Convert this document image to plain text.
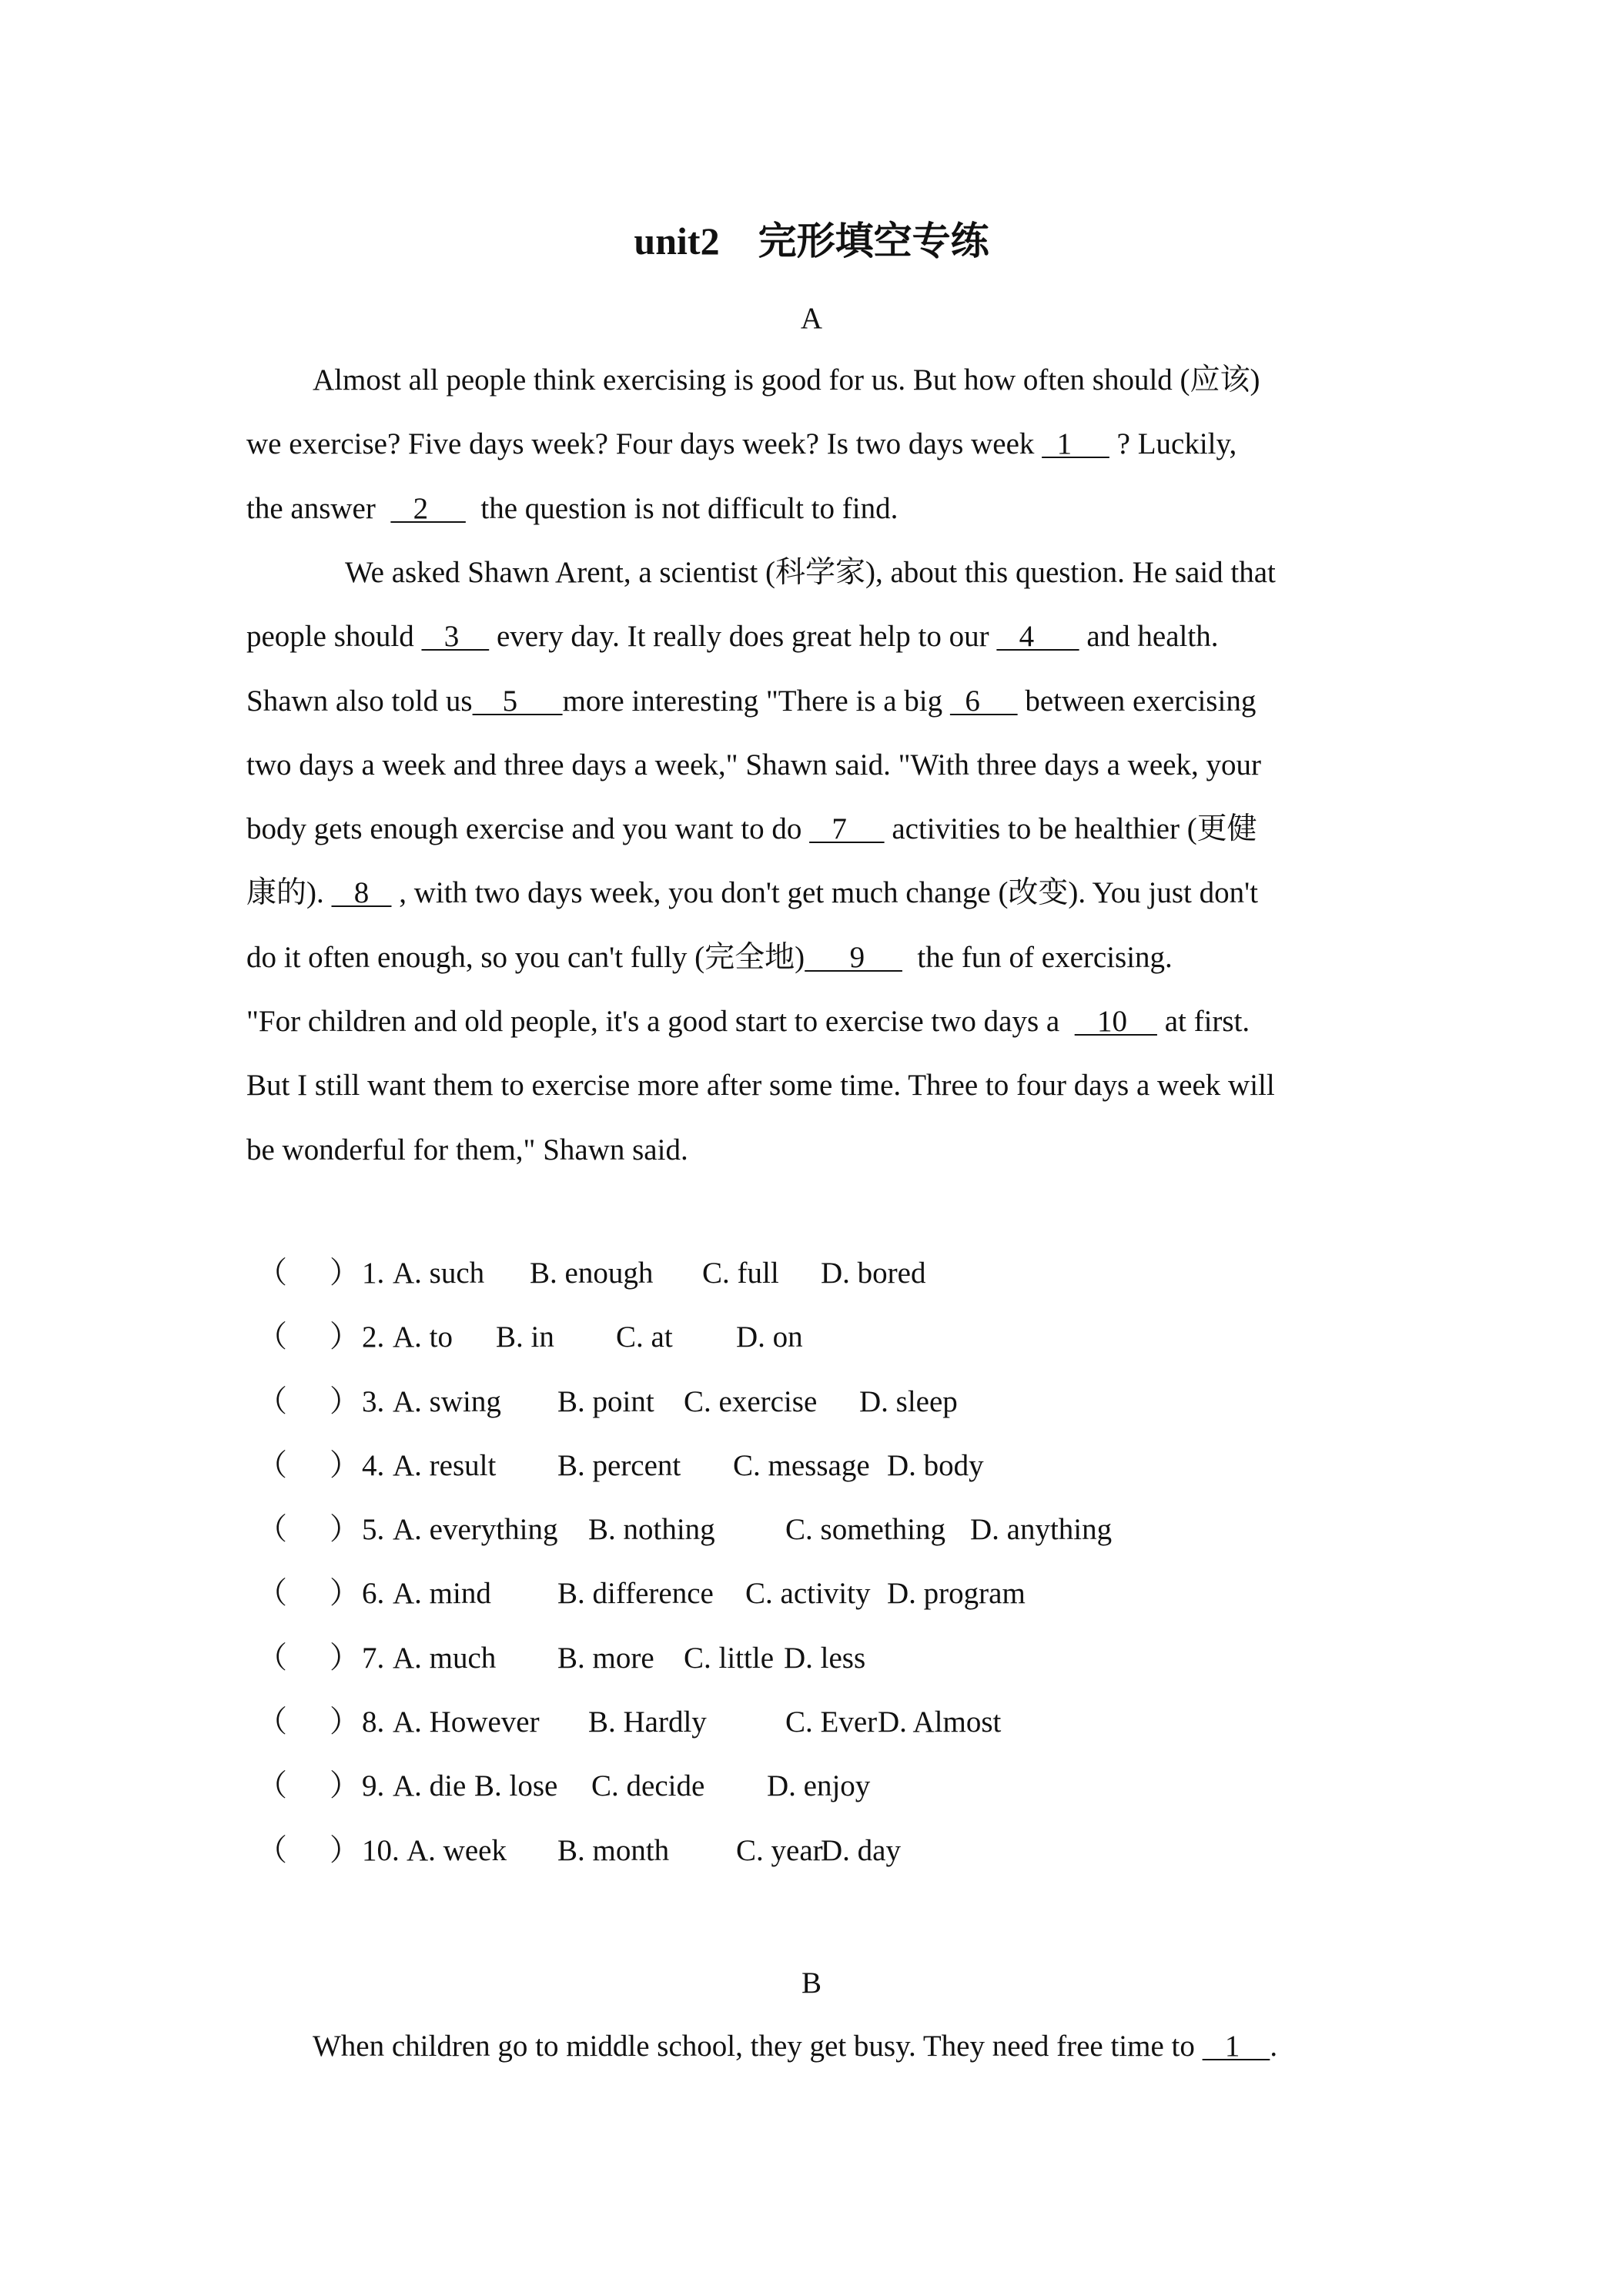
unit2 完形填空专练
A
Almost all people think exercising is good for us. But how often should (应该)
we exercise? Five days week? Four days week? Is two days week   1      ? Luckily,
the answer     2       the question is not difficult to find.
We asked Shawn Arent, a scientist (科学家), about this question. He said that
people should    3     every day. It really does great help to our    4       and health.
Shawn also told us    5      more interesting "There is a big   6      between exercising
two days a week and three days a week," Shawn said. "With three days a week, your
body gets enough exercise and you want to do    7      activities to be healthier (更健
康的).    8    , with two days week, you don't get much change (改变). You just don't
do it often enough, so you can't fully (完全地)      9       the fun of exercising.
"For children and old people, it's a good start to exercise two days a     10     at first.
But I still want them to exercise more after some time. Three to four days a week will
be wonderful for them," Shawn said.
（ ） 1. A. such B. enough C. full D. bored
（ ） 2. A. to B. in C. at D. on
（ ） 3. A. swing B. point C. exercise D. sleep
（ ） 4. A. result B. percent C. message D. body
（ ） 5. A. everything B. nothing C. something D. anything
（ ） 6. A. mind B. difference C. activity D. program
（ ） 7. A. much B. more C. little D. less
（ ） 8. A. However B. Hardly	C. Ever D. Almost
（ ） 9. A. die B. lose C. decide D. enjoy
（ ） 10. A. week B. month C. year
D. day
B
When children go to middle school, they get busy. They need free time to    1    .
